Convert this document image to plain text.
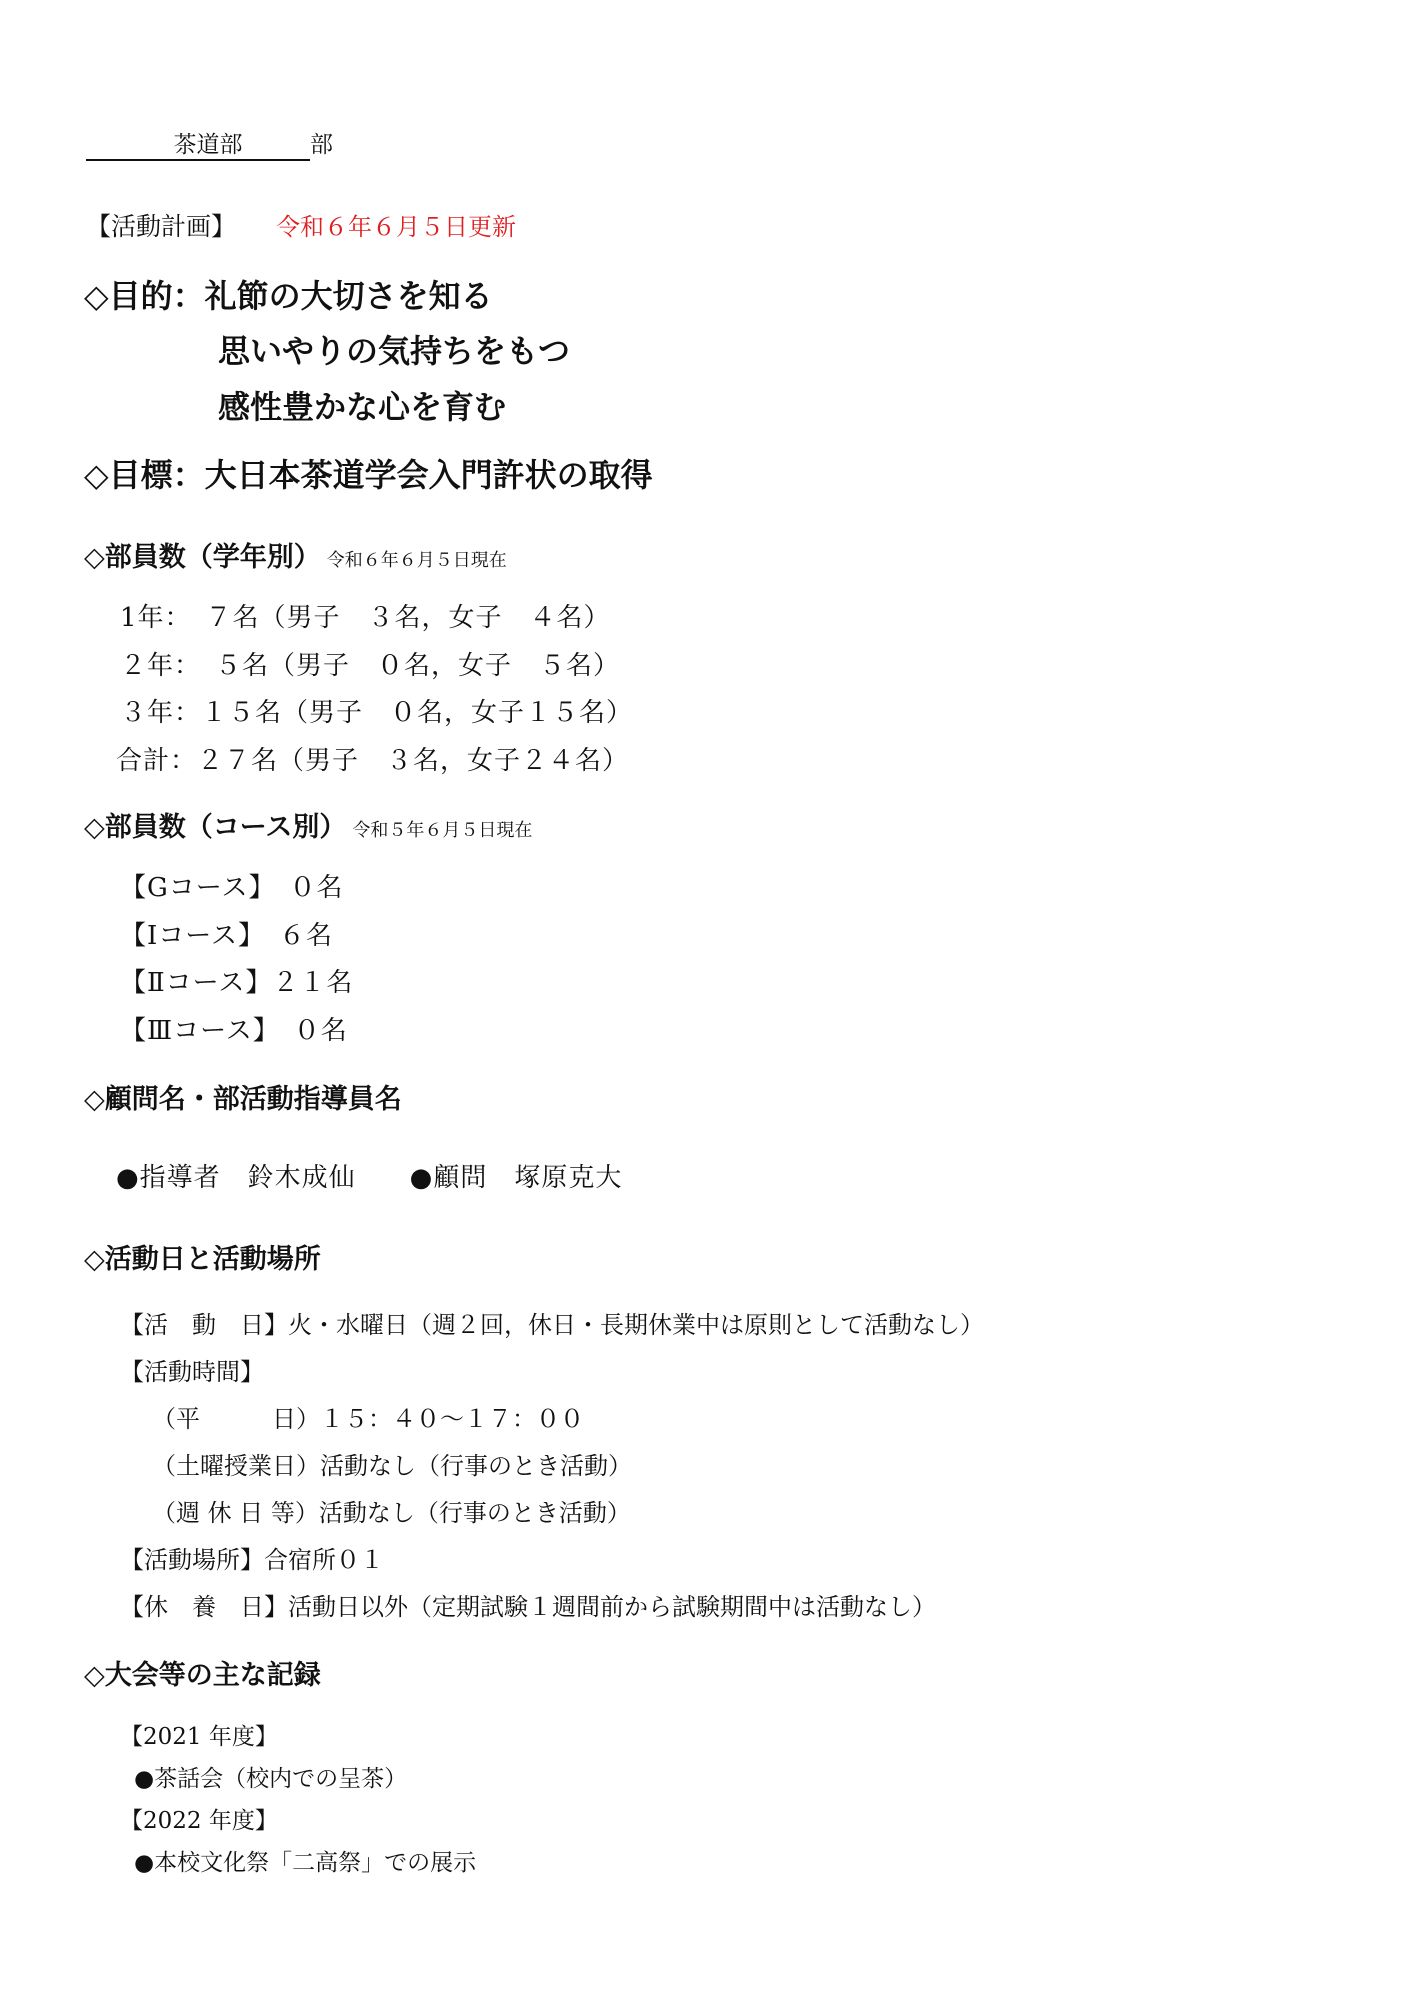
茶道部	部
【活動計画】 令和６年６月５日更新
◇目的：礼節の大切さを知る
思いやりの気持ちをもつ
感性豊かな心を育む
◇目標：大日本茶道学会入門許状の取得
◇部員数（学年別） 令和６年６月５日現在
1年：　７名（男子　３名，女子　４名）
２年：　５名（男子　０名，女子　５名）
３年：１５名（男子　０名，女子１５名）
合計：２７名（男子　３名，女子２４名）
◇部員数（コース別） 令和５年６月５日現在
【Gコース】　０名
【Ⅰコース】　６名
【Ⅱコース】２１名
【Ⅲコース】　０名
◇顧問名・部活動指導員名
●指導者　鈴木成仙　　●顧問　塚原克大
◇活動日と活動場所
【活　動　日】火・水曜日（週２回，休日・長期休業中は原則として活動なし）
【活動時間】
（平　　　日）１５：４０～１７：００
（土曜授業日）活動なし（行事のとき活動）
（週 休 日 等）活動なし（行事のとき活動）
【活動場所】合宿所０１
【休　養　日】活動日以外（定期試験１週間前から試験期間中は活動なし）
◇大会等の主な記録
【2021 年度】
●茶話会（校内での呈茶）
【2022 年度】
●本校文化祭「二高祭」での展示
